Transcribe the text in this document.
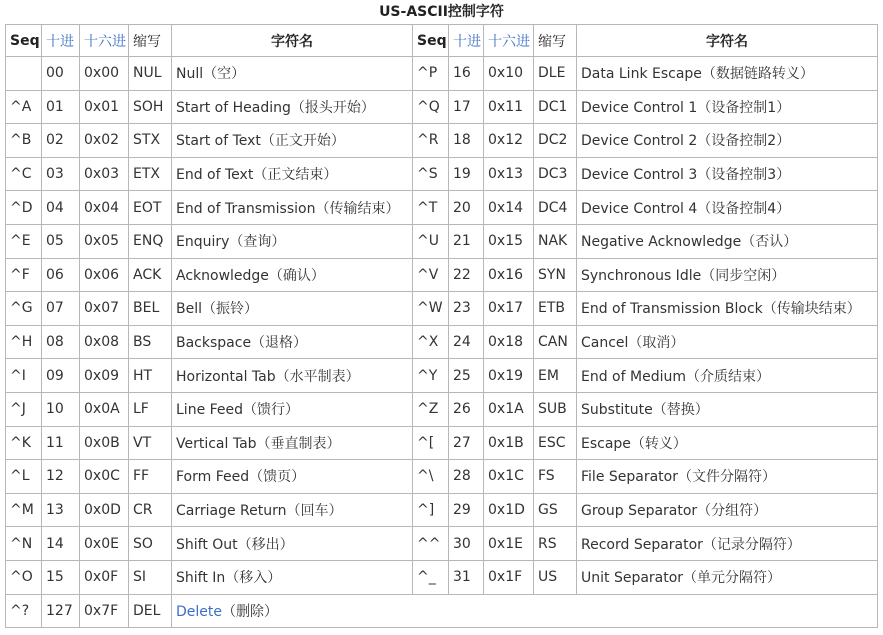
US-ASCII控制字符
Seq	十进	十六进	缩写	字符名	Seq	十进	十六进	缩写	字符名
	00	0x00	NUL	Null（空）	^P	16	0x10	DLE	Data Link Escape（数据链路转义）
^A	01	0x01	SOH	Start of Heading（报头开始）	^Q	17	0x11	DC1	Device Control 1（设备控制1）
^B	02	0x02	STX	Start of Text（正文开始）	^R	18	0x12	DC2	Device Control 2（设备控制2）
^C	03	0x03	ETX	End of Text（正文结束）	^S	19	0x13	DC3	Device Control 3（设备控制3）
^D	04	0x04	EOT	End of Transmission（传输结束）	^T	20	0x14	DC4	Device Control 4（设备控制4）
^E	05	0x05	ENQ	Enquiry（查询）	^U	21	0x15	NAK	Negative Acknowledge（否认）
^F	06	0x06	ACK	Acknowledge（确认）	^V	22	0x16	SYN	Synchronous Idle（同步空闲）
^G	07	0x07	BEL	Bell（振铃）	^W	23	0x17	ETB	End of Transmission Block（传输块结束）
^H	08	0x08	BS	Backspace（退格）	^X	24	0x18	CAN	Cancel（取消）
^I	09	0x09	HT	Horizontal Tab（水平制表）	^Y	25	0x19	EM	End of Medium（介质结束）
^J	10	0x0A	LF	Line Feed（馈行）	^Z	26	0x1A	SUB	Substitute（替换）
^K	11	0x0B	VT	Vertical Tab（垂直制表）	^[	27	0x1B	ESC	Escape（转义）
^L	12	0x0C	FF	Form Feed（馈页）	^\	28	0x1C	FS	File Separator（文件分隔符）
^M	13	0x0D	CR	Carriage Return（回车）	^]	29	0x1D	GS	Group Separator（分组符）
^N	14	0x0E	SO	Shift Out（移出）	^^	30	0x1E	RS	Record Separator（记录分隔符）
^O	15	0x0F	SI	Shift In（移入）	^_	31	0x1F	US	Unit Separator（单元分隔符）
^?	127	0x7F	DEL	Delete（删除）					
